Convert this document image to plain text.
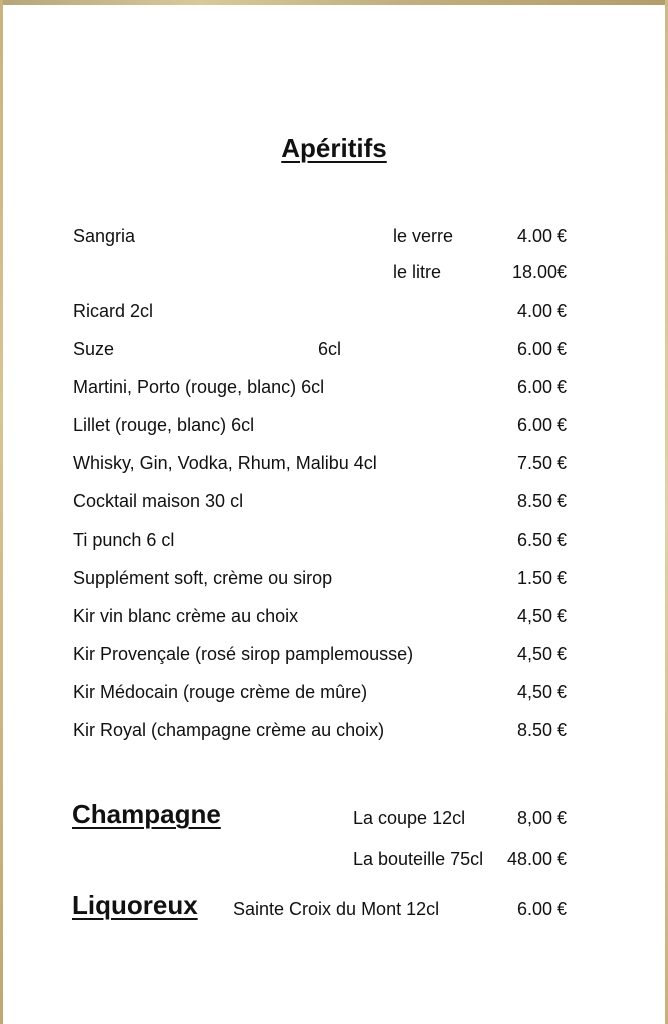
Apéritifs
Sangria	le verre	4.00 €
le litre	18.00€
Ricard 2cl	4.00 €
Suze	6cl	6.00 €
Martini, Porto (rouge, blanc) 6cl	6.00 €
Lillet (rouge, blanc) 6cl	6.00 €
Whisky, Gin, Vodka, Rhum, Malibu 4cl	7.50 €
Cocktail maison 30 cl	8.50 €
Ti punch 6 cl	6.50 €
Supplément soft, crème ou sirop	1.50 €
Kir vin blanc crème au choix	4,50 €
Kir Provençale (rosé sirop pamplemousse)	4,50 €
Kir Médocain (rouge crème de mûre)	4,50 €
Kir Royal (champagne crème au choix)	8.50 €
Champagne	La coupe 12cl	8,00 €
La bouteille 75cl 48.00 €
Liquoreux Sainte Croix du Mont 12cl	6.00 €
